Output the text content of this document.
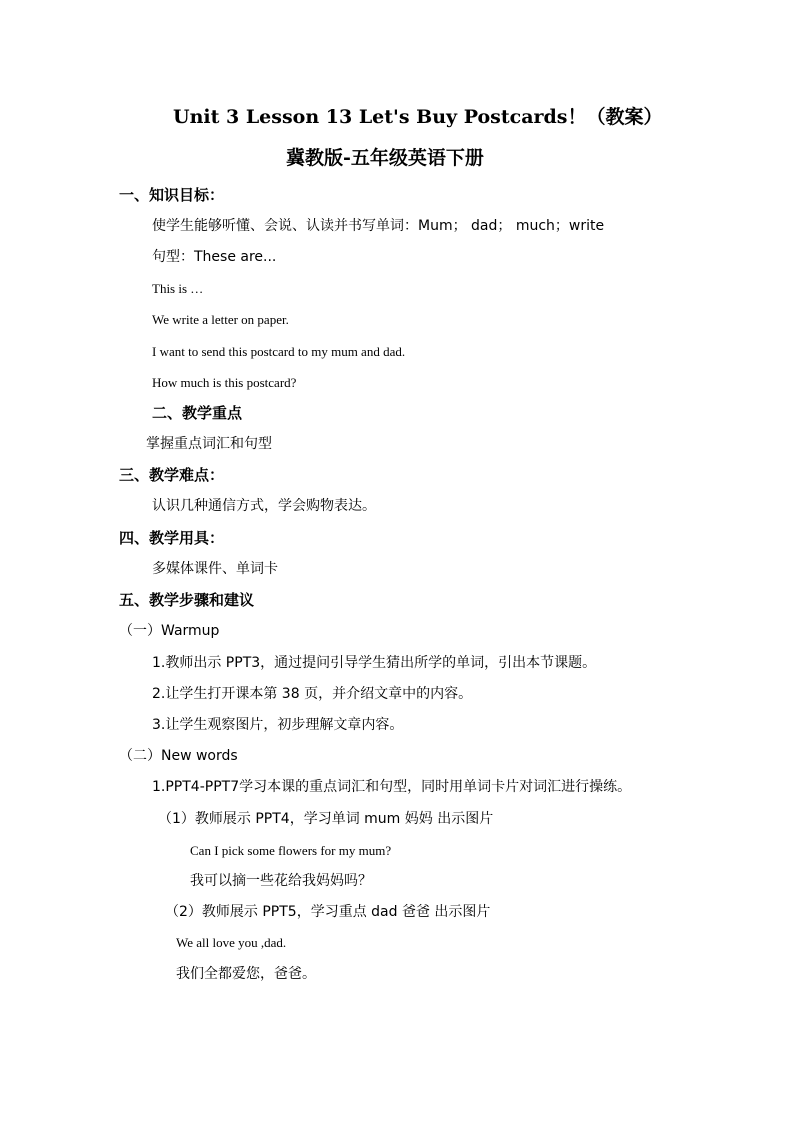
Unit 3 Lesson 13 Let's Buy Postcards！（教案）
冀教版-五年级英语下册
一、知识目标：
使学生能够听懂、会说、认读并书写单词：Mum； dad； much；write
句型：These are...
This is …
We write a letter on paper.
I want to send this postcard to my mum and dad.
How much is this postcard?
二、教学重点
掌握重点词汇和句型
三、教学难点：
认识几种通信方式，学会购物表达。
四、教学用具：
多媒体课件、单词卡
五、教学步骤和建议
（一）Warmup
1.教师出示 PPT3，通过提问引导学生猜出所学的单词，引出本节课题。
2.让学生打开课本第 38 页，并介绍文章中的内容。
3.让学生观察图片，初步理解文章内容。
（二）New words
1.PPT4-PPT7学习本课的重点词汇和句型，同时用单词卡片对词汇进行操练。
（1）教师展示 PPT4，学习单词 mum 妈妈 出示图片
Can I pick some flowers for my mum?
我可以摘一些花给我妈妈吗？
（2）教师展示 PPT5，学习重点 dad 爸爸 出示图片
We all love you ,dad.
我们全都爱您，爸爸。
